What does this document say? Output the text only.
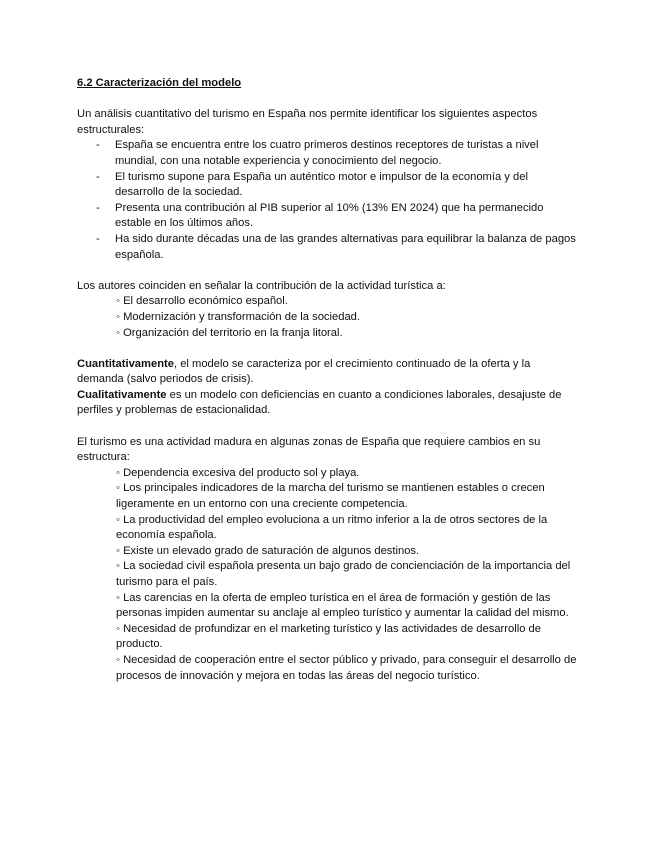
6.2 Caracterización del modelo

Un análisis cuantitativo del turismo en España nos permite identificar los siguientes aspectos estructurales:

- España se encuentra entre los cuatro primeros destinos receptores de turistas a nivel mundial, con una notable experiencia y conocimiento del negocio.
- El turismo supone para España un auténtico motor e impulsor de la economía y del desarrollo de la sociedad.
- Presenta una contribución al PIB superior al 10% (13% EN 2024) que ha permanecido estable en los últimos años.
- Ha sido durante décadas una de las grandes alternativas para equilibrar la balanza de pagos española.

Los autores coinciden en señalar la contribución de la actividad turística a:

◦ El desarrollo económico español.
◦ Modernización y transformación de la sociedad.
◦ Organización del territorio en la franja litoral.

Cuantitativamente, el modelo se caracteriza por el crecimiento continuado de la oferta y la demanda (salvo periodos de crisis).

Cualitativamente es un modelo con deficiencias en cuanto a condiciones laborales, desajuste de perfiles y problemas de estacionalidad.

El turismo es una actividad madura en algunas zonas de España que requiere cambios en su estructura:

◦ Dependencia excesiva del producto sol y playa.
◦ Los principales indicadores de la marcha del turismo se mantienen estables o crecen ligeramente en un entorno con una creciente competencia.
◦ La productividad del empleo evoluciona a un ritmo inferior a la de otros sectores de la economía española.
◦ Existe un elevado grado de saturación de algunos destinos.
◦ La sociedad civil española presenta un bajo grado de concienciación de la importancia del turismo para el país.
◦ Las carencias en la oferta de empleo turística en el área de formación y gestión de las personas impiden aumentar su anclaje al empleo turístico y aumentar la calidad del mismo.
◦ Necesidad de profundizar en el marketing turístico y las actividades de desarrollo de producto.
◦ Necesidad de cooperación entre el sector público y privado, para conseguir el desarrollo de procesos de innovación y mejora en todas las áreas del negocio turístico.
